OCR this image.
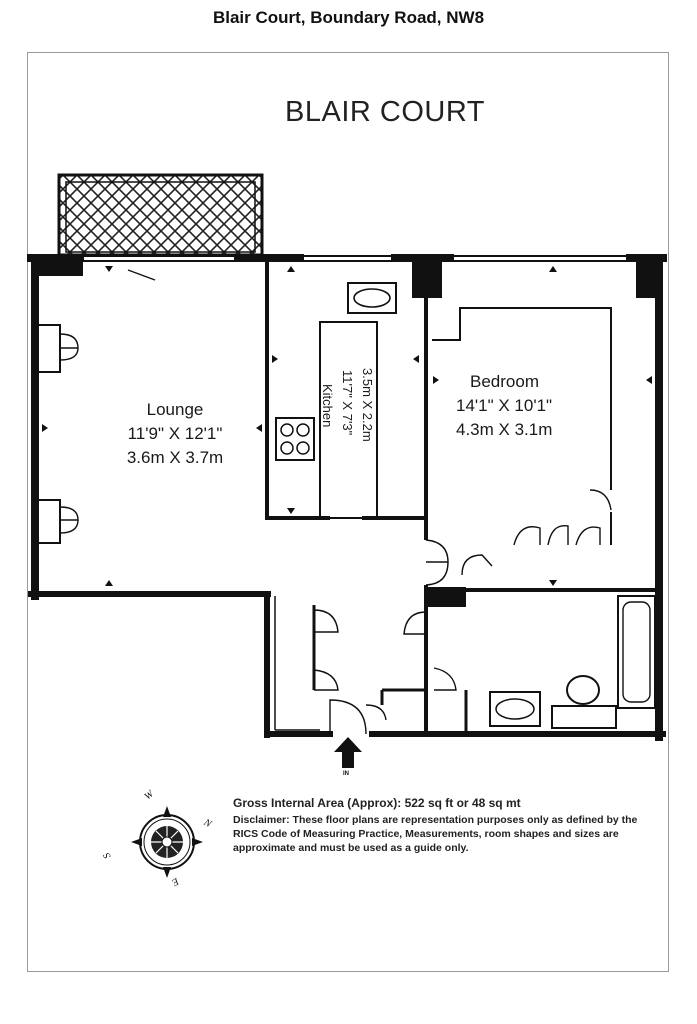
Blair Court, Boundary Road, NW8
BLAIR COURT
Lounge
11'9" X 12'1"
3.6m X 3.7m
Kitchen 11'7" X 7'3" 3.5m X 2.2m	Bedroom
14'1" X 10'1"
4.3m X 3.1m
IN
W
N
S
E
Gross Internal Area (Approx): 522 sq ft or 48 sq mt
Disclaimer: These floor plans are representation purposes only as defined by the RICS Code of Measuring Practice, Measurements, room shapes and sizes are approximate and must be used as a guide only.
